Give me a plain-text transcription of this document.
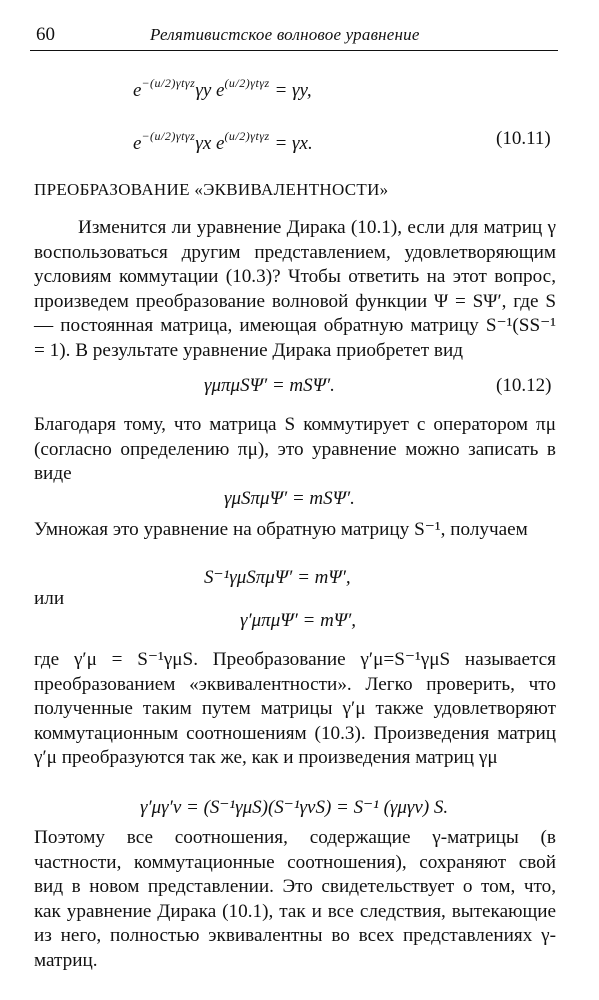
60	Релятивистское волновое уравнение
$e^{-(u/2)\gamma t\gamma z}\gamma y$ $e^{(u/2)\gamma t\gamma z} = \gamma y$,
$e^{-(u/2)\gamma t\gamma z}\gamma x$ $e^{(u/2)\gamma t\gamma z} = \gamma x$.	(10.11)
ПРЕОБРАЗОВАНИЕ «ЭКВИВАЛЕНТНОСТИ»

Изменится ли уравнение Дирака (10.1), если для матриц γ воспользоваться другим представлением, удовлетворяющим условиям коммутации (10.3)? Чтобы ответить на этот вопрос, произведем преобразование волновой функции Ψ = SΨ′, где S — постоянная матрица, имеющая обратную матрицу S⁻¹(SS⁻¹ = 1). В результате уравнение Дирака приобретет вид

γμπμSΨ′ = mSΨ′.	(10.12)

Благодаря тому, что матрица S коммутирует с оператором πμ (согласно определению πμ), это уравнение можно записать в виде

γμSπμΨ′ = mSΨ′.

Умножая это уравнение на обратную матрицу S⁻¹, получаем

S⁻¹γμSπμΨ′ = mΨ′,
или
γ′μπμΨ′ = mΨ′,

где γ′μ = S⁻¹γμS. Преобразование γ′μ=S⁻¹γμS называется преобразованием «эквивалентности». Легко проверить, что полученные таким путем матрицы γ′μ также удовлетворяют коммутационным соотношениям (10.3). Произведения матриц γ′μ преобразуются так же, как и произведения матриц γμ

γ′μγ′ν = (S⁻¹γμS)(S⁻¹γνS) = S⁻¹ (γμγν) S.

Поэтому все соотношения, содержащие γ-матрицы (в частности, коммутационные соотношения), сохраняют свой вид в новом представлении. Это свидетельствует о том, что, как уравнение Дирака (10.1), так и все следствия, вытекающие из него, полностью эквивалентны во всех представлениях γ-матриц.
